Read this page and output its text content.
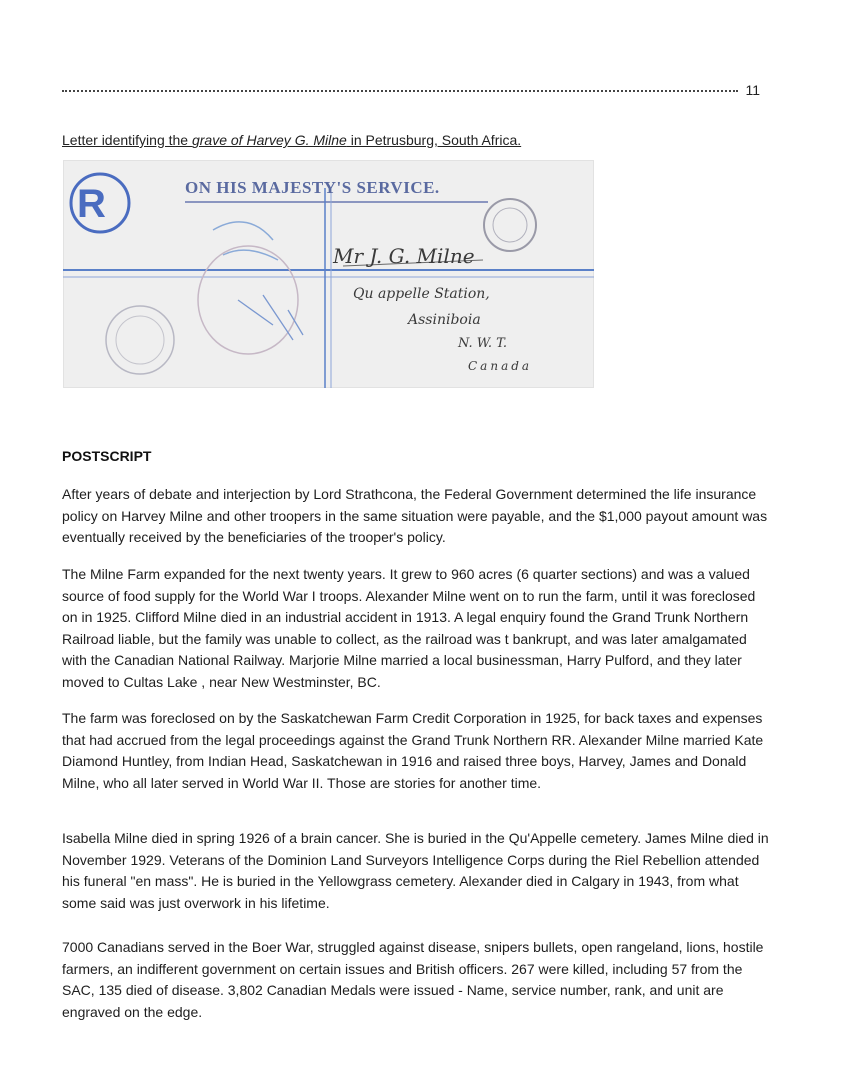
11
Letter identifying the grave of Harvey G. Milne in Petrusburg, South Africa.
ON HIS MAJESTY'S SERVICE.
R
Mr J. G. Milne
Qu appelle Station,
Assiniboia
N. W. T.
Canada
POSTSCRIPT

After years of debate and interjection by Lord Strathcona, the Federal Government determined the life insurance policy on Harvey Milne and other troopers in the same situation were payable, and the $1,000 payout amount was eventually received by the beneficiaries of the trooper's policy.

The Milne Farm expanded for the next twenty years. It grew to 960 acres (6 quarter sections) and was a valued source of food supply for the World War I troops. Alexander Milne went on to run the farm, until it was foreclosed on in 1925. Clifford Milne died in an industrial accident in 1913. A legal enquiry found the Grand Trunk Northern Railroad liable, but the family was unable to collect, as the railroad was t bankrupt, and was later amalgamated with the Canadian National Railway. Marjorie Milne married a local businessman, Harry Pulford, and they later moved to Cultas Lake , near New Westminster, BC.

The farm was foreclosed on by the Saskatchewan Farm Credit Corporation in 1925, for back taxes and expenses that had accrued from the legal proceedings against the Grand Trunk Northern RR. Alexander Milne married Kate Diamond Huntley, from Indian Head, Saskatchewan in 1916 and raised three boys, Harvey, James and Donald Milne, who all later served in World War II. Those are stories for another time.

Isabella Milne died in spring 1926 of a brain cancer. She is buried in the Qu'Appelle cemetery. James Milne died in November 1929. Veterans of the Dominion Land Surveyors Intelligence Corps during the Riel Rebellion attended his funeral "en mass". He is buried in the Yellowgrass cemetery. Alexander died in Calgary in 1943, from what some said was just overwork in his lifetime.

7000 Canadians served in the Boer War, struggled against disease, snipers bullets, open rangeland, lions, hostile farmers, an indifferent government on certain issues and British officers. 267 were killed, including 57 from the SAC, 135 died of disease. 3,802 Canadian Medals were issued - Name, service number, rank, and unit are engraved on the edge.
